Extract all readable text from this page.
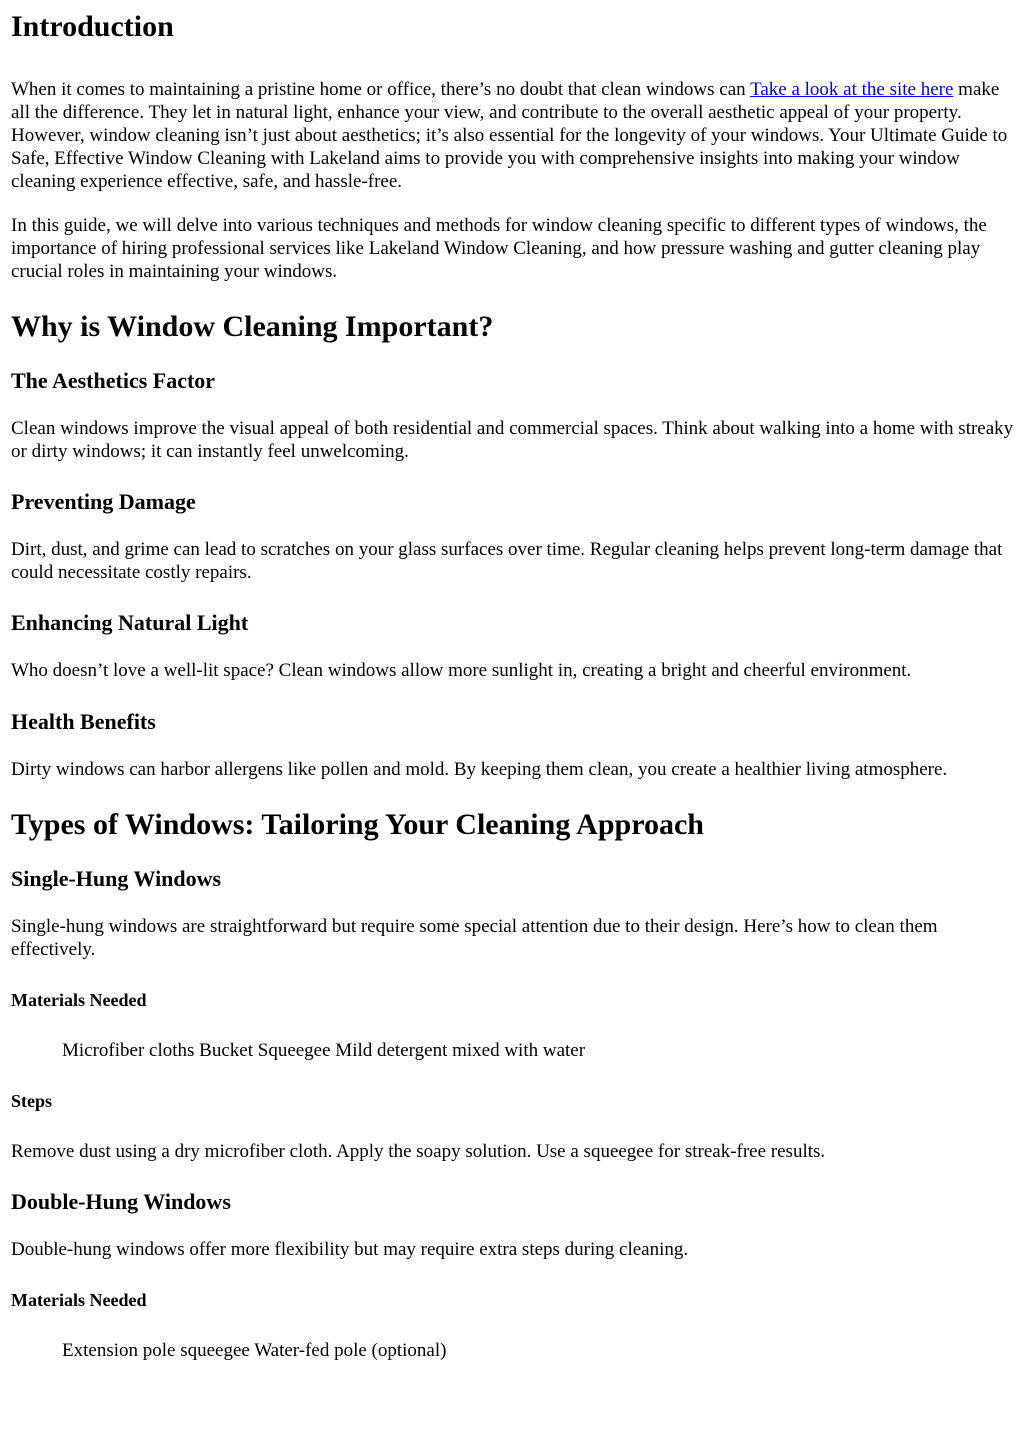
Introduction

When it comes to maintaining a pristine home or office, there’s no doubt that clean windows can Take a look at the site here make all the difference. They let in natural light, enhance your view, and contribute to the overall aesthetic appeal of your property. However, window cleaning isn’t just about aesthetics; it’s also essential for the longevity of your windows. Your Ultimate Guide to Safe, Effective Window Cleaning with Lakeland aims to provide you with comprehensive insights into making your window cleaning experience effective, safe, and hassle-free.

In this guide, we will delve into various techniques and methods for window cleaning specific to different types of windows, the importance of hiring professional services like Lakeland Window Cleaning, and how pressure washing and gutter cleaning play crucial roles in maintaining your windows.

Why is Window Cleaning Important?
The Aesthetics Factor

Clean windows improve the visual appeal of both residential and commercial spaces. Think about walking into a home with streaky or dirty windows; it can instantly feel unwelcoming.

Preventing Damage

Dirt, dust, and grime can lead to scratches on your glass surfaces over time. Regular cleaning helps prevent long-term damage that could necessitate costly repairs.

Enhancing Natural Light

Who doesn’t love a well-lit space? Clean windows allow more sunlight in, creating a bright and cheerful environment.

Health Benefits

Dirty windows can harbor allergens like pollen and mold. By keeping them clean, you create a healthier living atmosphere.

Types of Windows: Tailoring Your Cleaning Approach
Single-Hung Windows

Single-hung windows are straightforward but require some special attention due to their design. Here’s how to clean them effectively.

Materials Needed

Microfiber cloths Bucket Squeegee Mild detergent mixed with water

Steps

Remove dust using a dry microfiber cloth. Apply the soapy solution. Use a squeegee for streak-free results.

Double-Hung Windows

Double-hung windows offer more flexibility but may require extra steps during cleaning.

Materials Needed

Extension pole squeegee Water-fed pole (optional)
